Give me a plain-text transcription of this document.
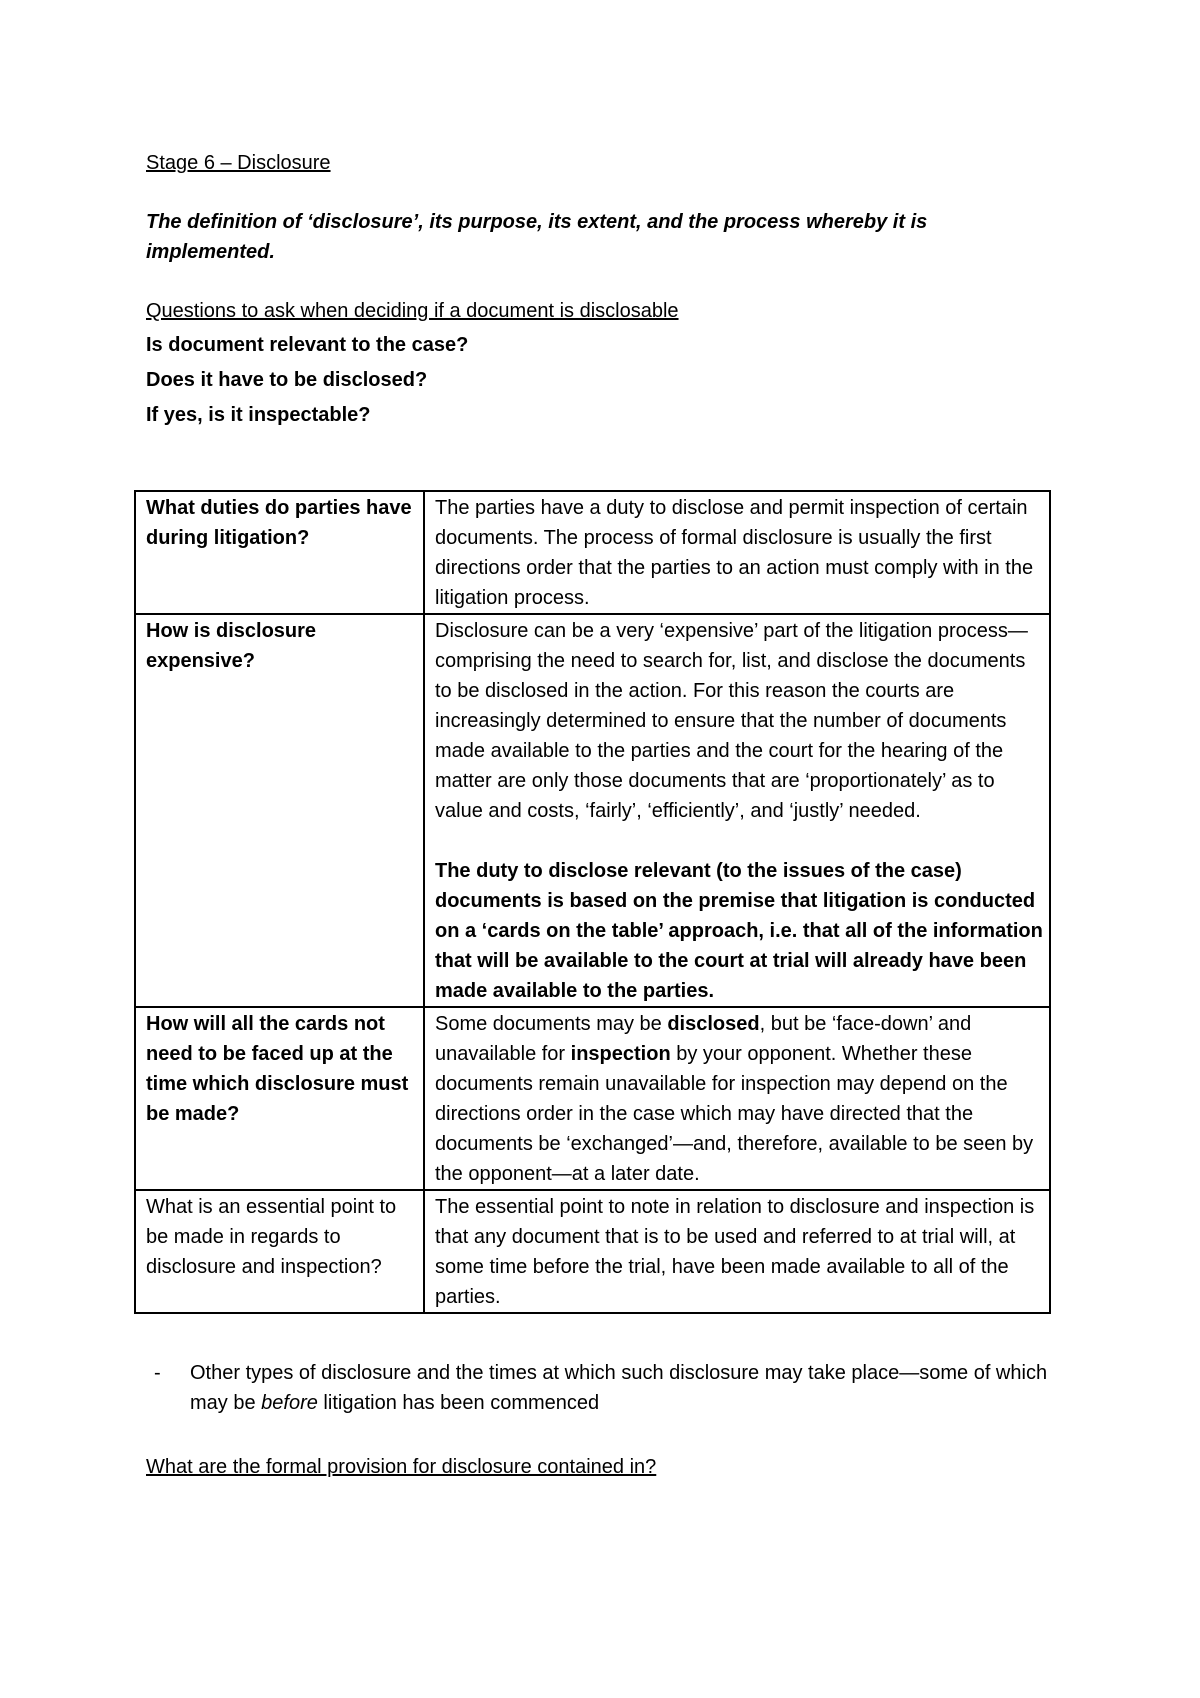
Stage 6 – Disclosure

The definition of ‘disclosure’, its purpose, its extent, and the process whereby it is

implemented.

Questions to ask when deciding if a document is disclosable

Is document relevant to the case?

Does it have to be disclosed?

If yes, is it inspectable?

What duties do parties have during litigation?	The parties have a duty to disclose and permit inspection of certain documents. The process of formal disclosure is usually the first directions order that the parties to an action must comply with in the litigation process.

How is disclosure expensive?	Disclosure can be a very ‘expensive’ part of the litigation process—comprising the need to search for, list, and disclose the documents to be disclosed in the action. For this reason the courts are increasingly determined to ensure that the number of documents made available to the parties and the court for the hearing of the matter are only those documents that are ‘proportionately’ as to value and costs, ‘fairly’, ‘efficiently’, and ‘justly’ needed.

The duty to disclose relevant (to the issues of the case) documents is based on the premise that litigation is conducted on a ‘cards on the table’ approach, i.e. that all of the information that will be available to the court at trial will already have been made available to the parties.

How will all the cards not need to be faced up at the time which disclosure must be made?	Some documents may be disclosed, but be ‘face-down’ and unavailable for inspection by your opponent. Whether these documents remain unavailable for inspection may depend on the directions order in the case which may have directed that the documents be ‘exchanged’—and, therefore, available to be seen by the opponent—at a later date.

What is an essential point to be made in regards to disclosure and inspection?	The essential point to note in relation to disclosure and inspection is that any document that is to be used and referred to at trial will, at some time before the trial, have been made available to all of the parties.

- Other types of disclosure and the times at which such disclosure may take place—some of which may be before litigation has been commenced

What are the formal provision for disclosure contained in?
